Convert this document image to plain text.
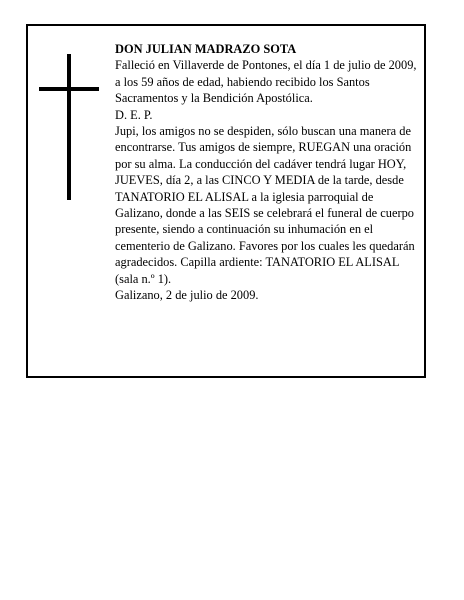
DON JULIAN MADRAZO SOTA

Falleció en Villaverde de Pontones, el día 1 de julio de 2009, a los 59 años de edad, habiendo recibido los Santos Sacramentos y la Bendición Apostólica.

D. E. P.

Jupi, los amigos no se despiden, sólo buscan una manera de encontrarse. Tus amigos de siempre, RUEGAN una oración por su alma. La conducción del cadáver tendrá lugar HOY, JUEVES, día 2, a las CINCO Y MEDIA de la tarde, desde TANATORIO EL ALISAL a la iglesia parroquial de Galizano, donde a las SEIS se celebrará el funeral de cuerpo presente, siendo a continuación su inhumación en el cementerio de Galizano. Favores por los cuales les quedarán agradecidos. Capilla ardiente: TANATORIO EL ALISAL (sala n.º 1).

Galizano, 2 de julio de 2009.
